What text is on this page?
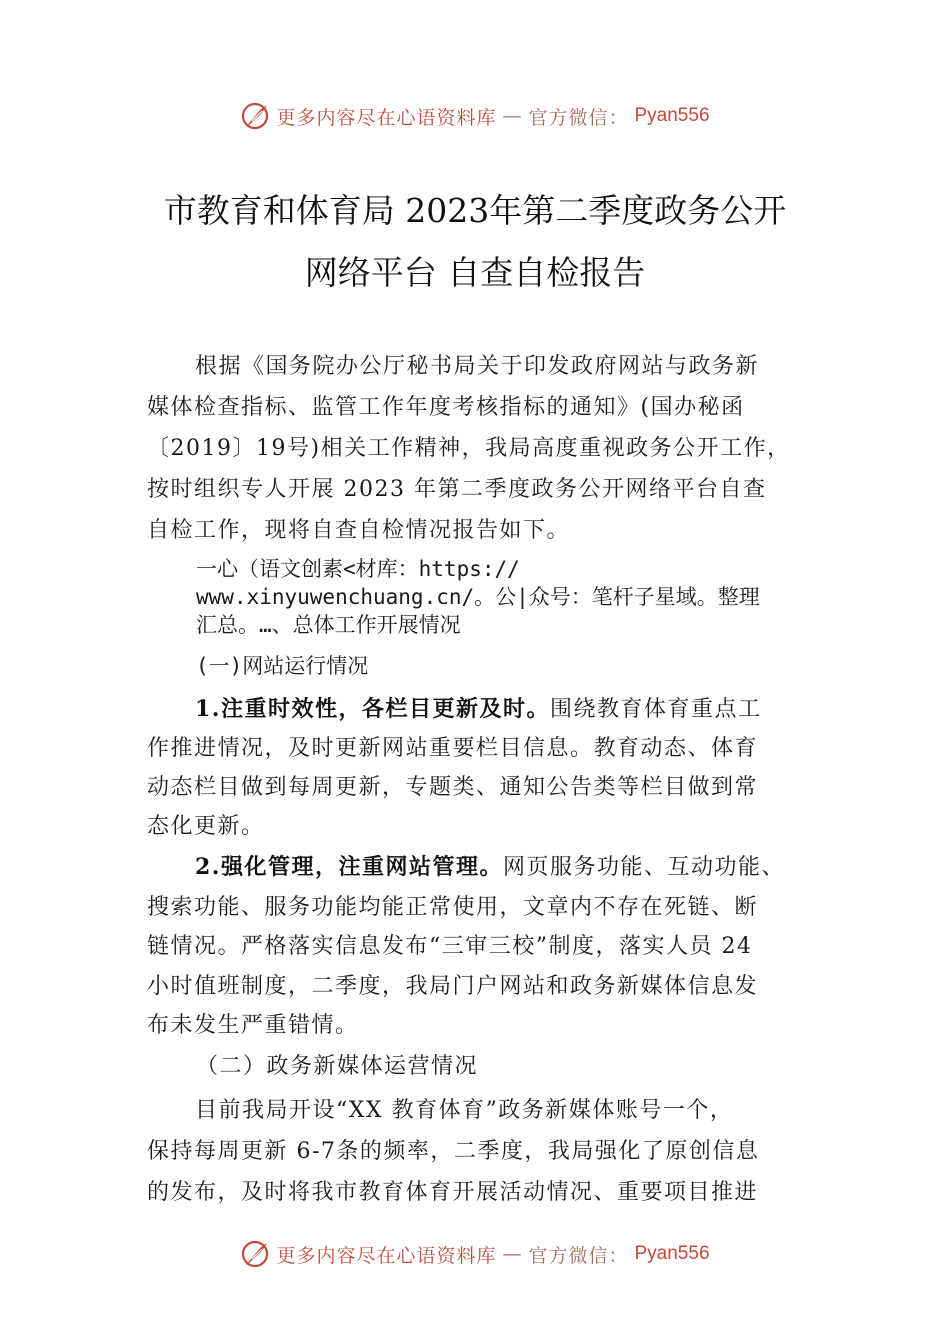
更多内容尽在心语资料库 — 官方微信： Pyan556
市教育和体育局 2023年第二季度政务公开
网络平台 自查自检报告

根据《国务院办公厅秘书局关于印发政府网站与政务新

媒体检查指标、监管工作年度考核指标的通知》(国办秘函

〔2019〕19号)相关工作精神，我局高度重视政务公开工作，

按时组织专人开展 2023 年第二季度政务公开网络平台自查

自检工作，现将自查自检情况报告如下。

一心（语文创素<材库：https://
www.xinyuwenchuang.cn/。公|众号：笔杆子星域。整理
汇总。…、总体工作开展情况
(一)网站运行情况

1.注重时效性，各栏目更新及时。围绕教育体育重点工

作推进情况，及时更新网站重要栏目信息。教育动态、体育

动态栏目做到每周更新，专题类、通知公告类等栏目做到常

态化更新。

2.强化管理，注重网站管理。网页服务功能、互动功能、

搜索功能、服务功能均能正常使用，文章内不存在死链、断

链情况。严格落实信息发布“三审三校”制度，落实人员 24

小时值班制度，二季度，我局门户网站和政务新媒体信息发

布未发生严重错情。

（二）政务新媒体运营情况

目前我局开设“XX 教育体育”政务新媒体账号一个，

保持每周更新 6-7条的频率，二季度，我局强化了原创信息

的发布，及时将我市教育体育开展活动情况、重要项目推进

更多内容尽在心语资料库 — 官方微信： Pyan556
